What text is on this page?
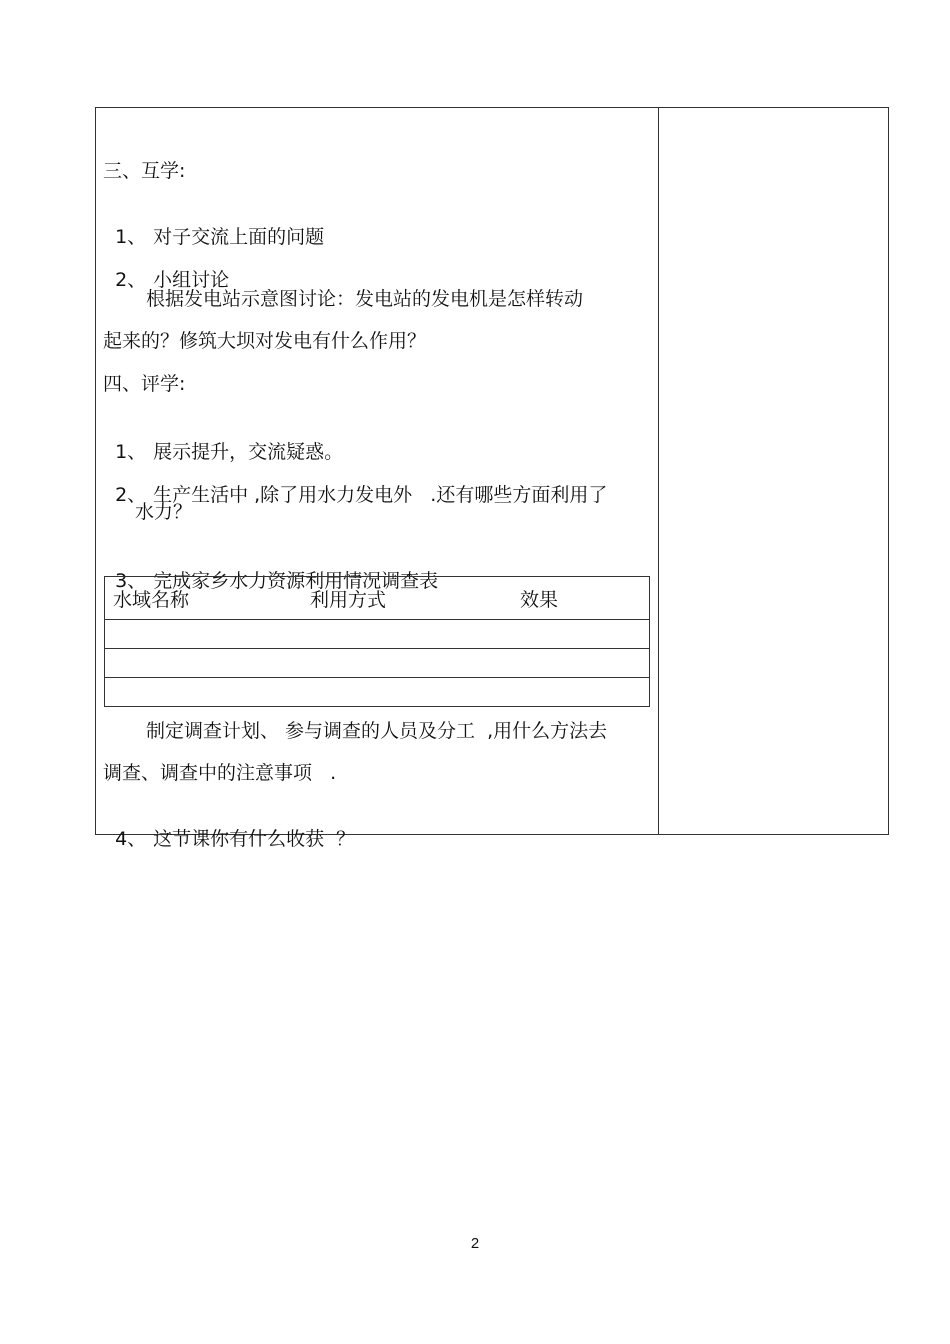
三、互学:

1、 对子交流上面的问题

2、 小组讨论

根据发电站示意图讨论：发电站的发电机是怎样转动
起来的？修筑大坝对发电有什么作用？
四、评学:

1、 展示提升，交流疑惑。

2、 生产生活中 ,除了用水力发电外   .还有哪些方面利用了

水力？

3、 完成家乡水力资源利用情况调查表

水域名称	利用方式	效果
制定调查计划、 参与调查的人员及分工  ,用什么方法去
调查、调查中的注意事项   .

4、 这节课你有什么收获  ？

2
